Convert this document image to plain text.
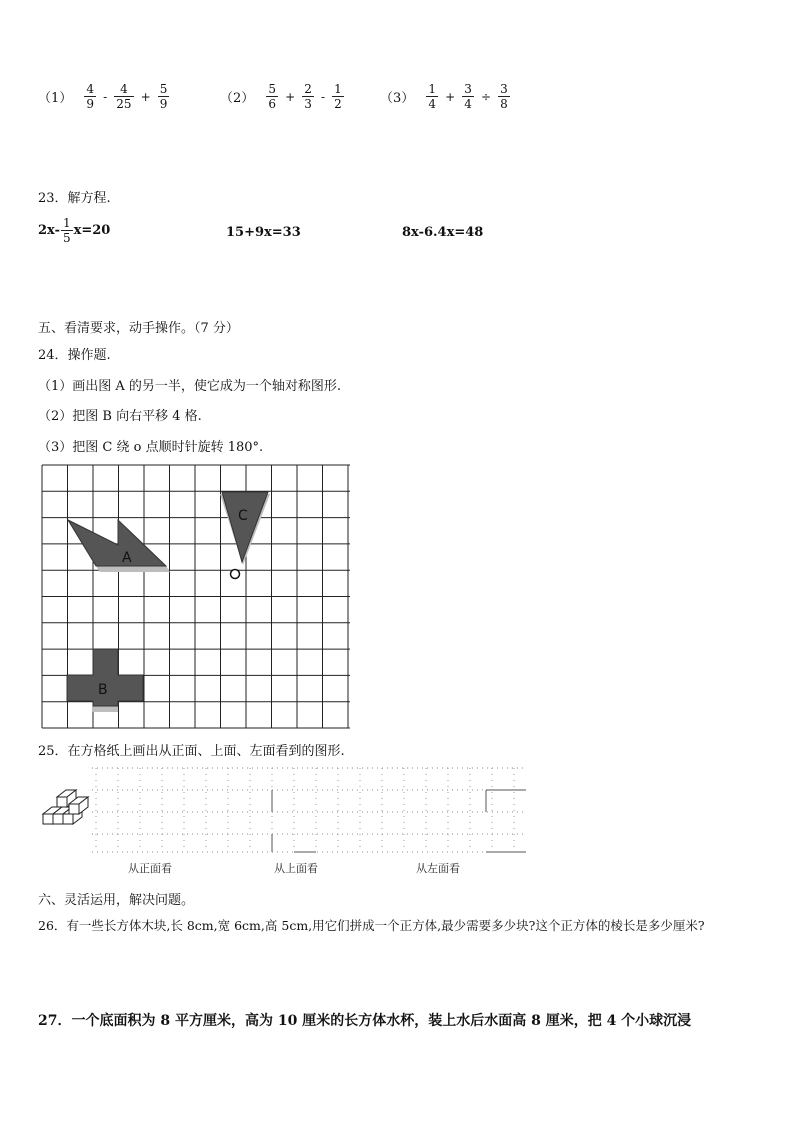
$(1) \frac{4}{9} - \frac{4}{25} + \frac{5}{9}$	$(2) \frac{5}{6} + \frac{2}{3} - \frac{1}{2}$	$(3) \frac{1}{4} + \frac{3}{4} \div \frac{3}{8}$
23．解方程.
$2x- \frac{1}{5} x=20$	15+9x=33	8x-6.4x=48
五、看清要求，动手操作。（7 分）
24．操作题.
（1）画出图 A 的另一半，使它成为一个轴对称图形.
（2）把图 B 向右平移 4 格.
（3）把图 C 绕 o 点顺时针旋转 180°.
A
C
B
25．在方格纸上画出从正面、上面、左面看到的图形.
从正面看	从上面看	从左面看
六、灵活运用，解决问题。
26．有一些长方体木块,长 8cm,宽 6cm,高 5cm,用它们拼成一个正方体,最少需要多少块?这个正方体的棱长是多少厘米?
27．一个底面积为 8 平方厘米，高为 10 厘米的长方体水杯，装上水后水面高 8 厘米，把 4 个小球沉浸
